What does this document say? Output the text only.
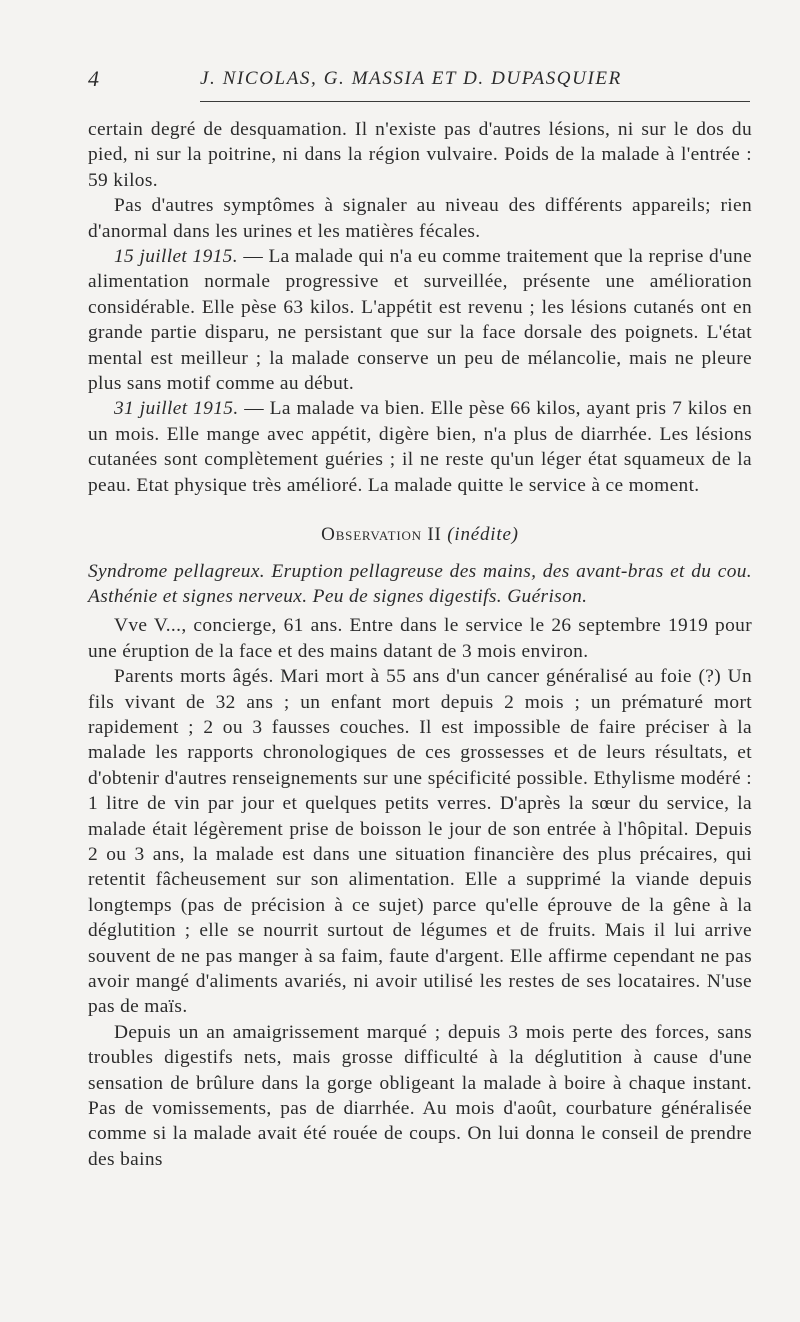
4	J. NICOLAS, G. MASSIA ET D. DUPASQUIER

certain degré de desquamation. Il n'existe pas d'autres lésions, ni sur le dos du pied, ni sur la poitrine, ni dans la région vulvaire. Poids de la malade à l'entrée : 59 kilos.

Pas d'autres symptômes à signaler au niveau des différents appareils; rien d'anormal dans les urines et les matières fécales.

15 juillet 1915. — La malade qui n'a eu comme traitement que la reprise d'une alimentation normale progressive et surveillée, présente une amélioration considérable. Elle pèse 63 kilos. L'appétit est revenu ; les lésions cutanés ont en grande partie disparu, ne persistant que sur la face dorsale des poignets. L'état mental est meilleur ; la malade conserve un peu de mélancolie, mais ne pleure plus sans motif comme au début.

31 juillet 1915. — La malade va bien. Elle pèse 66 kilos, ayant pris 7 kilos en un mois. Elle mange avec appétit, digère bien, n'a plus de diarrhée. Les lésions cutanées sont complètement guéries ; il ne reste qu'un léger état squameux de la peau. Etat physique très amélioré. La malade quitte le service à ce moment.

Observation II (inédite)

Syndrome pellagreux. Eruption pellagreuse des mains, des avant-bras et du cou. Asthénie et signes nerveux. Peu de signes digestifs. Guérison.

Vve V..., concierge, 61 ans. Entre dans le service le 26 septembre 1919 pour une éruption de la face et des mains datant de 3 mois environ.

Parents morts âgés. Mari mort à 55 ans d'un cancer généralisé au foie (?) Un fils vivant de 32 ans ; un enfant mort depuis 2 mois ; un prématuré mort rapidement ; 2 ou 3 fausses couches. Il est impossible de faire préciser à la malade les rapports chronologiques de ces grossesses et de leurs résultats, et d'obtenir d'autres renseignements sur une spécificité possible. Ethylisme modéré : 1 litre de vin par jour et quelques petits verres. D'après la sœur du service, la malade était légèrement prise de boisson le jour de son entrée à l'hôpital. Depuis 2 ou 3 ans, la malade est dans une situation financière des plus précaires, qui retentit fâcheusement sur son alimentation. Elle a supprimé la viande depuis longtemps (pas de précision à ce sujet) parce qu'elle éprouve de la gêne à la déglutition ; elle se nourrit surtout de légumes et de fruits. Mais il lui arrive souvent de ne pas manger à sa faim, faute d'argent. Elle affirme cependant ne pas avoir mangé d'aliments avariés, ni avoir utilisé les restes de ses locataires. N'use pas de maïs.

Depuis un an amaigrissement marqué ; depuis 3 mois perte des forces, sans troubles digestifs nets, mais grosse difficulté à la déglutition à cause d'une sensation de brûlure dans la gorge obligeant la malade à boire à chaque instant. Pas de vomissements, pas de diarrhée. Au mois d'août, courbature généralisée comme si la malade avait été rouée de coups. On lui donna le conseil de prendre des bains
